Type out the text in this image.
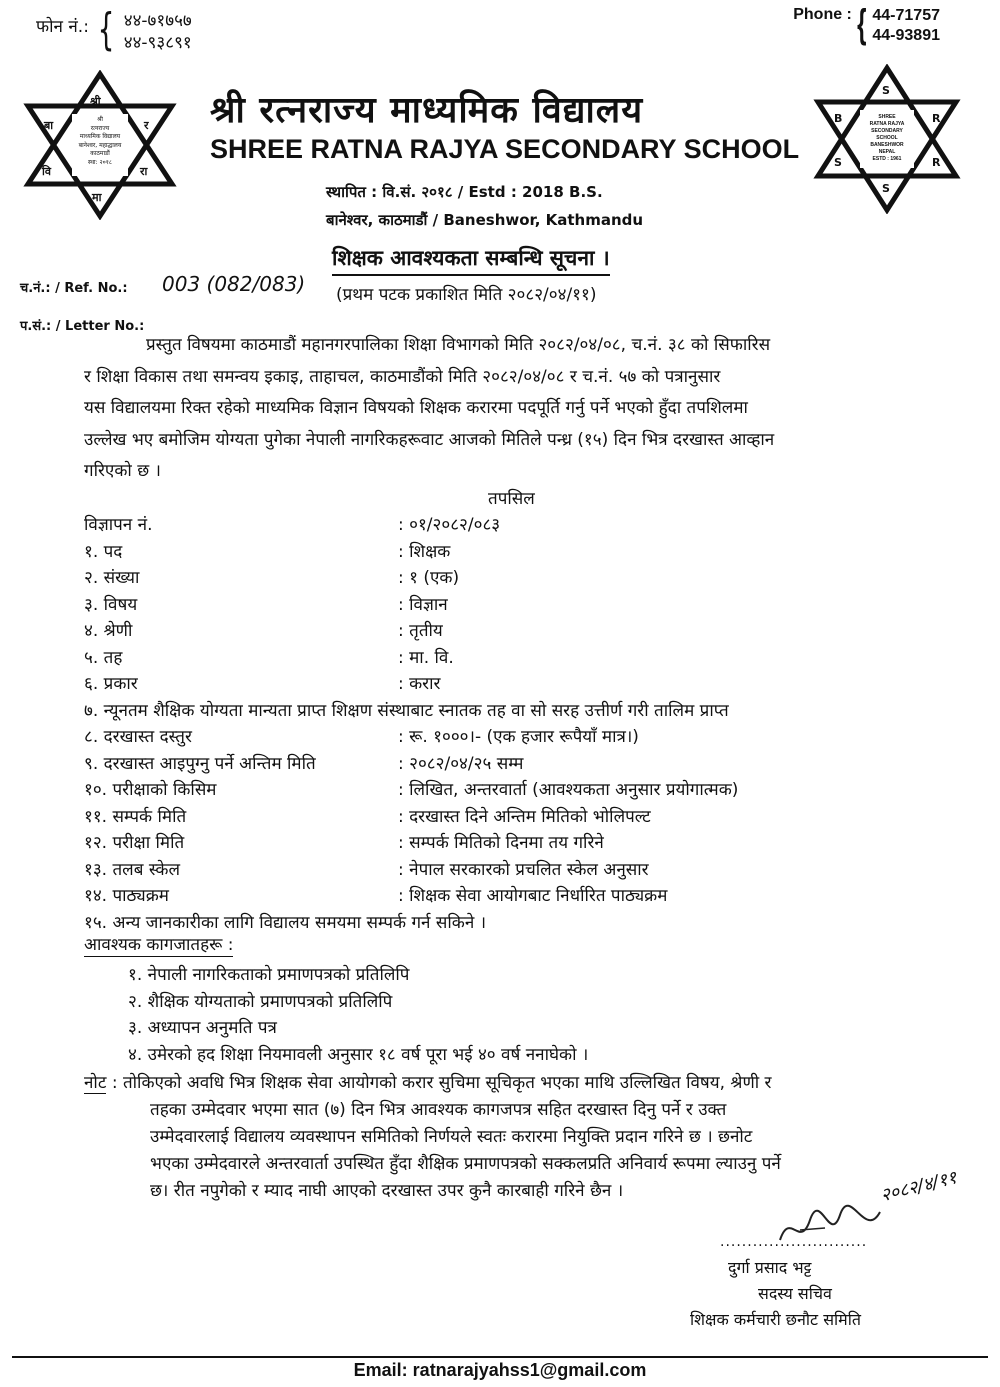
फोन नं.: { ४४-७१७५७
४४-९३८९१
Phone : { 44-71757
44-93891
श्री
बा	र
वि	रा
मा
श्री
रत्नराज्य
माध्यमिक विद्यालय
बानेश्वर, महाद्धालय
काठमाडौं
स्था: २०१८
S
B	R
S	R
S
SHREE
RATNA RAJYA
SECONDARY
SCHOOL
BANESHWOR
NEPAL
ESTD : 1961
श्री रत्नराज्य माध्यमिक विद्यालय
SHREE RATNA RAJYA SECONDARY SCHOOL
स्थापित : वि.सं. २०१८ / Estd : 2018 B.S.
बानेश्वर, काठमाडौं / Baneshwor, Kathmandu
शिक्षक आवश्यकता सम्बन्धि सूचना ।
च.नं.: / Ref. No.: 003 (082/083) (प्रथम पटक प्रकाशित मिति २०८२/०४/११)
प.सं.: / Letter No.:
प्रस्तुत विषयमा काठमाडौं महानगरपालिका शिक्षा विभागको मिति २०८२/०४/०८, च.नं. ३८ को सिफारिस
र शिक्षा विकास तथा समन्वय इकाइ, ताहाचल, काठमाडौंको मिति २०८२/०४/०८ र च.नं. ५७ को पत्रानुसार
यस विद्यालयमा रिक्त रहेको माध्यमिक विज्ञान विषयको शिक्षक करारमा पदपूर्ति गर्नु पर्ने भएको हुँदा तपशिलमा
उल्लेख भए बमोजिम योग्यता पुगेका नेपाली नागरिकहरूवाट आजको मितिले पन्ध्र (१५) दिन भित्र दरखास्त आव्हान
गरिएको छ ।
तपसिल
विज्ञापन नं.	: ०१/२०८२/०८३
१. पद	: शिक्षक
२. संख्या	: १ (एक)
३. विषय	: विज्ञान
४. श्रेणी	: तृतीय
५. तह	: मा. वि.
६. प्रकार	: करार
७. न्यूनतम शैक्षिक योग्यता मान्यता प्राप्त शिक्षण संस्थाबाट स्नातक तह वा सो सरह उत्तीर्ण गरी तालिम प्राप्त
८. दरखास्त दस्तुर	: रू. १०००।- (एक हजार रूपैयाँ मात्र।)
९. दरखास्त आइपुग्नु पर्ने अन्तिम मिति	: २०८२/०४/२५ सम्म
१०. परीक्षाको किसिम	: लिखित, अन्तरवार्ता (आवश्यकता अनुसार प्रयोगात्मक)
११. सम्पर्क मिति	: दरखास्त दिने अन्तिम मितिको भोलिपल्ट
१२. परीक्षा मिति	: सम्पर्क मितिको दिनमा तय गरिने
१३. तलब स्केल	: नेपाल सरकारको प्रचलित स्केल अनुसार
१४. पाठ्यक्रम	: शिक्षक सेवा आयोगबाट निर्धारित पाठ्यक्रम
१५. अन्य जानकारीका लागि विद्यालय समयमा सम्पर्क गर्न सकिने ।
आवश्यक कागजातहरू :
१. नेपाली नागरिकताको प्रमाणपत्रको प्रतिलिपि
२. शैक्षिक योग्यताको प्रमाणपत्रको प्रतिलिपि
३. अध्यापन अनुमति पत्र
४. उमेरको हद शिक्षा नियमावली अनुसार १८ वर्ष पूरा भई ४० वर्ष ननाघेको ।
नोट : तोकिएको अवधि भित्र शिक्षक सेवा आयोगको करार सुचिमा सूचिकृत भएका माथि उल्लिखित विषय, श्रेणी र
तहका उम्मेदवार भएमा सात (७) दिन भित्र आवश्यक कागजपत्र सहित दरखास्त दिनु पर्ने र उक्त
उम्मेदवारलाई विद्यालय व्यवस्थापन समितिको निर्णयले स्वतः करारमा नियुक्ति प्रदान गरिने छ । छनोट
भएका उम्मेदवारले अन्तरवार्ता उपस्थित हुँदा शैक्षिक प्रमाणपत्रको सक्कलप्रति अनिवार्य रूपमा ल्याउनु पर्ने
छ। रीत नपुगेको र म्याद नाघी आएको दरखास्त उपर कुनै कारबाही गरिने छैन ।	२०८२/४/११
...........................
दुर्गा प्रसाद भट्ट
सदस्य सचिव
शिक्षक कर्मचारी छनौट समिति
Email: ratnarajyahss1@gmail.com
